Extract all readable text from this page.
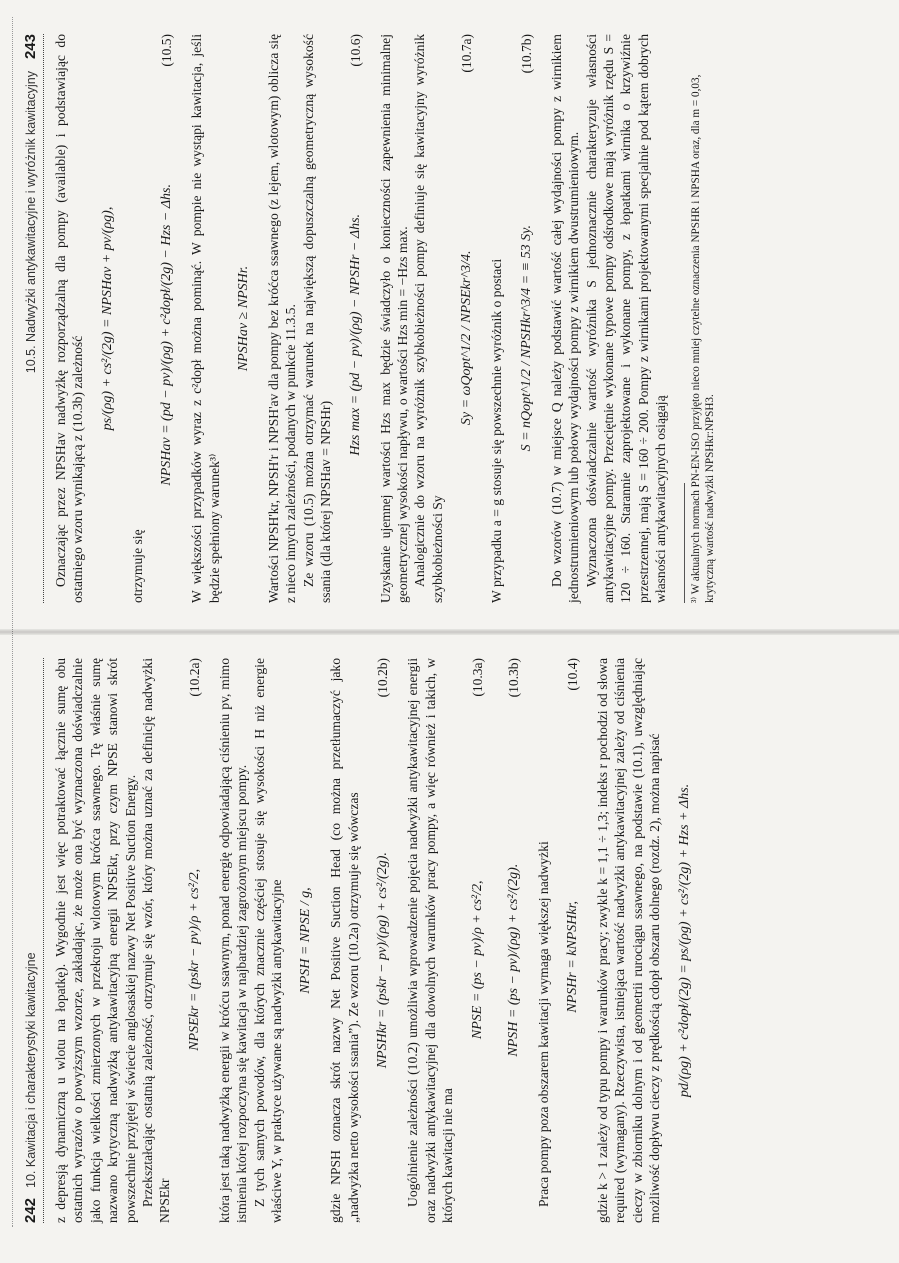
242
10. Kawitacja i charakterystyki kawitacyjne z depresją dynamiczną u wlotu na łopatkę). Wygodnie jest więc potraktować łącznie sumę obu ostatnich wyrazów o powyższym wzorze, zakładając, że może ona być wyznaczona doświadczalnie jako funkcja wielkości zmierzonych w przekroju wlotowym króćca ssawnego. Tę właśnie sumę nazwano krytyczną nadwyżką antykawitacyjną energii NPSEkr, przy czym NPSE stanowi skrót powszechnie przyjętej w świecie anglosaskiej nazwy Net Positive Suction Energy. Przekształcając ostatnią zależność, otrzymuje się wzór, który można uznać za definicję nadwyżki NPSEkr

NPSEkr = (pskr − pv)/ρ + cs²/2,
(10.2a) która jest taką nadwyżką energii w króćcu ssawnym, ponad energię odpowiadającą ciśnieniu pv, mimo istnienia której rozpoczyna się kawitacja w najbardziej zagrożonym miejscu pompy. Z tych samych powodów, dla których znacznie częściej stosuje się wysokości H niż energie właściwe Y, w praktyce używane są nadwyżki antykawitacyjne NPSH = NPSE / g, gdzie NPSH oznacza skrót nazwy Net Positive Suction Head (co można przetłumaczyć jako „nadwyżka netto wysokości ssania”). Ze wzoru (10.2a) otrzymuje się wówczas NPSHkr = (pskr − pv)/(ρg) + cs²/(2g).
(10.2b) Uogólnienie zależności (10.2) umożliwia wprowadzenie pojęcia nadwyżki antykawitacyjnej energii oraz nadwyżki antykawitacyjnej dla dowolnych warunków pracy pompy, a więc również i takich, w których kawitacji nie ma

NPSE = (ps − pv)/ρ + cs²/2,
(10.3a)
NPSH = (ps − pv)/(ρg) + cs²/(2g).
(10.3b)

Praca pompy poza obszarem kawitacji wymaga większej nadwyżki NPSHr = kNPSHkr,
(10.4) gdzie k > 1 zależy od typu pompy i warunków pracy; zwykle k = 1,1 ÷ 1,3; indeks r pochodzi od słowa required (wymagany). Rzeczywista, istniejąca wartość nadwyżki antykawitacyjnej zależy od ciśnienia cieczy w zbiorniku dolnym i od geometrii rurociągu ssawnego, na podstawie (10.1), uwzględniając możliwość dopływu cieczy z prędkością cdopł obszaru dolnego (rozdz. 2), można napisać pd/(ρg) + c²dopł/(2g) = ps/(ρg) + cs²/(2g) + Hzs + Δhs.
10.5. Nadwyżki antykawitacyjne i wyróżnik kawitacyjny
243 Oznaczając przez NPSHav nadwyżkę rozporządzalną dla pompy (available) i podstawiając do ostatniego wzoru wynikającą z (10.3b) zależność

ps/(ρg) + cs²/(2g) = NPSHav + pv/(ρg),

otrzymuje się

NPSHav = (pd − pv)/(ρg) + c²dopł/(2g) − Hzs − Δhs.
(10.5) W większości przypadków wyraz z c²dopł można pominąć. W pompie nie wystąpi kawitacja, jeśli będzie spełniony warunek³⁾

NPSHav ≥ NPSHr. Wartości NPSH'kr, NPSH'r i NPSH'av dla pompy bez króćca ssawnego (z lejem, wlotowym) oblicza się z nieco innych zależności, podanych w punkcie 11.3.5. Ze wzoru (10.5) można otrzymać warunek na największą dopuszczalną geometryczną wysokość ssania (dla której NPSHav = NPSHr)

Hzs max = (pd − pv)/(ρg) − NPSHr − Δhs.
(10.6) Uzyskanie ujemnej wartości Hzs max będzie świadczyło o konieczności zapewnienia minimalnej geometrycznej wysokości napływu, o wartości Hzs min = −Hzs max. Analogicznie do wzoru na wyróżnik szybkobieżności pompy definiuje się kawitacyjny wyróżnik szybkobieżności Sy

Sy = ωQopt^1/2 / NPSEkr^3/4.
(10.7a)

W przypadku a = g stosuje się powszechnie wyróżnik o postaci S = nQopt^1/2 / NPSHkr^3/4 = ≡ 53 Sy.
(10.7b) Do wzorów (10.7) w miejsce Q należy podstawić wartość całej wydajności pompy z wirnikiem jednostrumieniowym lub połowy wydajności pompy z wirnikiem dwustrumieniowym. Wyznaczona doświadczalnie wartość wyróżnika S jednoznacznie charakteryzuje własności antykawitacyjne pompy. Przeciętnie wykonane typowe pompy odśrodkowe mają wyróżnik rzędu S = 120 ÷ 160. Starannie zaprojektowane i wykonane pompy, z łopatkami wirnika o krzywiźnie przestrzennej, mają S = 160 ÷ 200. Pompy z wirnikami projektowanymi specjalnie pod kątem dobrych własności antykawitacyjnych osiągają ³⁾ W aktualnych normach PN-EN-ISO przyjęto nieco mniej czytelne oznaczenia NPSHR i NPSHA oraz, dla m = 0,03, krytyczną wartość nadwyżki NPSHkr:NPSH3.
